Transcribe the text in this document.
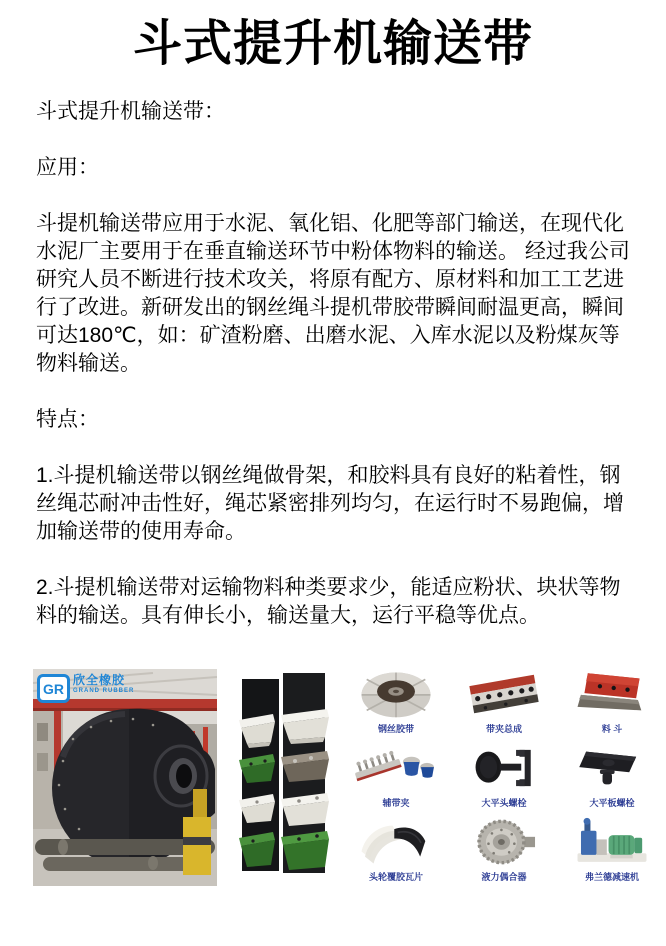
斗式提升机输送带

斗式提升机输送带：

应用：

斗提机输送带应用于水泥、氧化铝、化肥等部门输送，在现代化水泥厂主要用于在垂直输送环节中粉体物料的输送。 经过我公司研究人员不断进行技术攻关，将原有配方、原材料和加工工艺进行了改进。新研发出的钢丝绳斗提机带胶带瞬间耐温更高，瞬间可达180℃，如：矿渣粉磨、出磨水泥、入库水泥以及粉煤灰等物料输送。

特点：

1.斗提机输送带以钢丝绳做骨架，和胶料具有良好的粘着性，钢丝绳芯耐冲击性好，绳芯紧密排列均匀，在运行时不易跑偏，增加输送带的使用寿命。

2.斗提机输送带对运输物料种类要求少，能适应粉状、块状等物料的输送。具有伸长小，输送量大，运行平稳等优点。

GR
欣全橡胶
GRAND RUBBER
钢丝胶带	带夹总成	料 斗
辅带夹	大平头螺栓	大平板螺栓
头轮覆胶瓦片	液力偶合器	弗兰德减速机
